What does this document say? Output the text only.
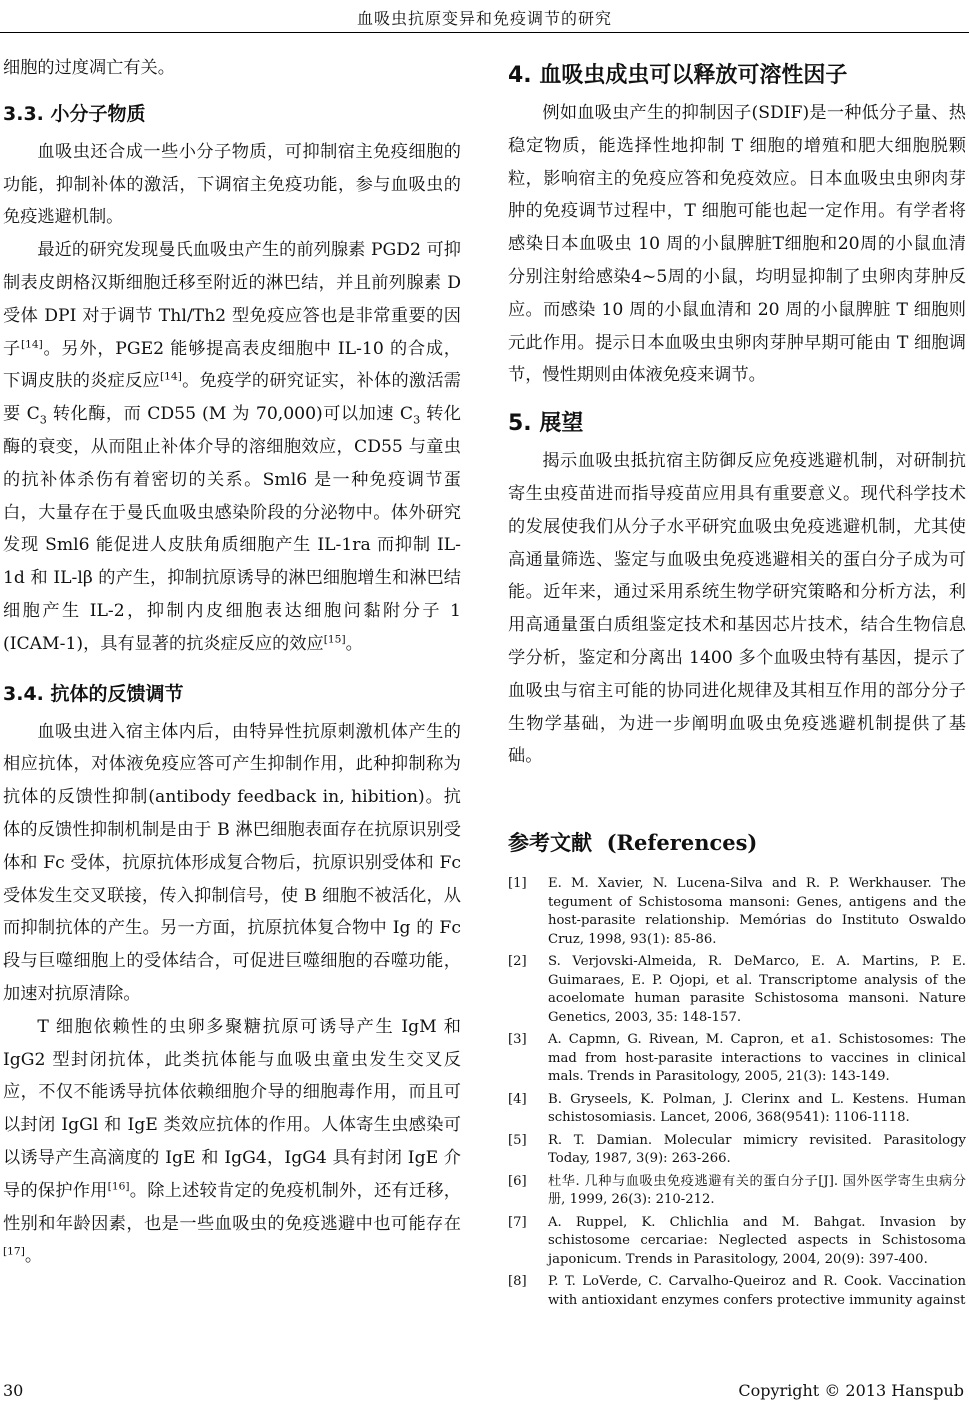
血吸虫抗原变异和免疫调节的研究

细胞的过度凋亡有关。

3.3. 小分子物质

血吸虫还合成一些小分子物质，可抑制宿主免疫细胞的功能，抑制补体的激活，下调宿主免疫功能，参与血吸虫的免疫逃避机制。

最近的研究发现曼氏血吸虫产生的前列腺素 PGD2 可抑制表皮朗格汉斯细胞迁移至附近的淋巴结，并且前列腺素 D 受体 DPI 对于调节 Thl/Th2 型免疫应答也是非常重要的因子[14]。另外，PGE2 能够提高表皮细胞中 IL-10 的合成，下调皮肤的炎症反应[14]。免疫学的研究证实，补体的激活需要 $C_3$ 转化酶，而 CD55 (M 为 70,000)可以加速 $C_3$ 转化酶的衰变，从而阻止补体介导的溶细胞效应，CD55 与童虫的抗补体杀伤有着密切的关系。Sml6 是一种免疫调节蛋白，大量存在于曼氏血吸虫感染阶段的分泌物中。体外研究发现 Sml6 能促进人皮肤角质细胞产生 IL-1ra 而抑制 IL-1d 和 IL-lβ 的产生，抑制抗原诱导的淋巴细胞增生和淋巴结细胞产生 IL-2，抑制内皮细胞表达细胞问黏附分子 1 (ICAM-1)，具有显著的抗炎症反应的效应[15]。

3.4. 抗体的反馈调节

血吸虫进入宿主体内后，由特异性抗原刺激机体产生的相应抗体，对体液免疫应答可产生抑制作用，此种抑制称为抗体的反馈性抑制(antibody feedback in, hibition)。抗体的反馈性抑制机制是由于 B 淋巴细胞表面存在抗原识别受体和 Fc 受体，抗原抗体形成复合物后，抗原识别受体和 Fc 受体发生交叉联接，传入抑制信号，使 B 细胞不被活化，从而抑制抗体的产生。另一方面，抗原抗体复合物中 Ig 的 Fc 段与巨噬细胞上的受体结合，可促进巨噬细胞的吞噬功能，加速对抗原清除。

T 细胞依赖性的虫卵多聚糖抗原可诱导产生 IgM 和 IgG2 型封闭抗体，此类抗体能与血吸虫童虫发生交叉反应，不仅不能诱导抗体依赖细胞介导的细胞毒作用，而且可以封闭 IgGl 和 IgE 类效应抗体的作用。人体寄生虫感染可以诱导产生高滴度的 IgE 和 IgG4，IgG4 具有封闭 IgE 介导的保护作用[16]。除上述较肯定的免疫机制外，还有迁移，性别和年龄因素，也是一些血吸虫的免疫逃避中也可能存在[17]。

4. 血吸虫成虫可以释放可溶性因子

例如血吸虫产生的抑制因子(SDIF)是一种低分子量、热稳定物质，能选择性地抑制 T 细胞的增殖和肥大细胞脱颗粒，影响宿主的免疫应答和免疫效应。日本血吸虫虫卵肉芽肿的免疫调节过程中，T 细胞可能也起一定作用。有学者将感染日本血吸虫 10 周的小鼠脾脏T细胞和20周的小鼠血清分别注射给感染4~5周的小鼠，均明显抑制了虫卵肉芽肿反应。而感染 10 周的小鼠血清和 20 周的小鼠脾脏 T 细胞则元此作用。提示日本血吸虫虫卵肉芽肿早期可能由 T 细胞调节，慢性期则由体液免疫来调节。

5. 展望

揭示血吸虫抵抗宿主防御反应免疫逃避机制，对研制抗寄生虫疫苗进而指导疫苗应用具有重要意义。现代科学技术的发展使我们从分子水平研究血吸虫免疫逃避机制，尤其使高通量筛选、鉴定与血吸虫免疫逃避相关的蛋白分子成为可能。近年来，通过采用系统生物学研究策略和分析方法，利用高通量蛋白质组鉴定技术和基因芯片技术，结合生物信息学分析，鉴定和分离出 1400 多个血吸虫特有基因，提示了血吸虫与宿主可能的协同进化规律及其相互作用的部分分子生物学基础，为进一步阐明血吸虫免疫逃避机制提供了基础。

参考文献 (References)
[1]	E. M. Xavier, N. Lucena-Silva and R. P. Werkhauser. The tegument of Schistosoma mansoni: Genes, antigens and the host-parasite relationship. Memórias do Instituto Oswaldo Cruz, 1998, 93(1): 85-86.
[2]	S. Verjovski-Almeida, R. DeMarco, E. A. Martins, P. E. Guimaraes, E. P. Ojopi, et al. Transcriptome analysis of the acoelomate human parasite Schistosoma mansoni. Nature Genetics, 2003, 35: 148-157.
[3]	A. Capmn, G. Rivean, M. Capron, et a1. Schistosomes: The mad from host-parasite interactions to vaccines in clinical mals. Trends in Parasitology, 2005, 21(3): 143-149.
[4]	B. Gryseels, K. Polman, J. Clerinx and L. Kestens. Human schistosomiasis. Lancet, 2006, 368(9541): 1106-1118.
[5]	R. T. Damian. Molecular mimicry revisited. Parasitology Today, 1987, 3(9): 263-266.
[6]	杜华. 几种与血吸虫免疫逃避有关的蛋白分子[J]. 国外医学寄生虫病分册, 1999, 26(3): 210-212.
[7]	A. Ruppel, K. Chlichlia and M. Bahgat. Invasion by schistosome cercariae: Neglected aspects in Schistosoma japonicum. Trends in Parasitology, 2004, 20(9): 397-400.
[8]	P. T. LoVerde, C. Carvalho-Queiroz and R. Cook. Vaccination with antioxidant enzymes confers protective immunity against
30	Copyright © 2013 Hanspub
